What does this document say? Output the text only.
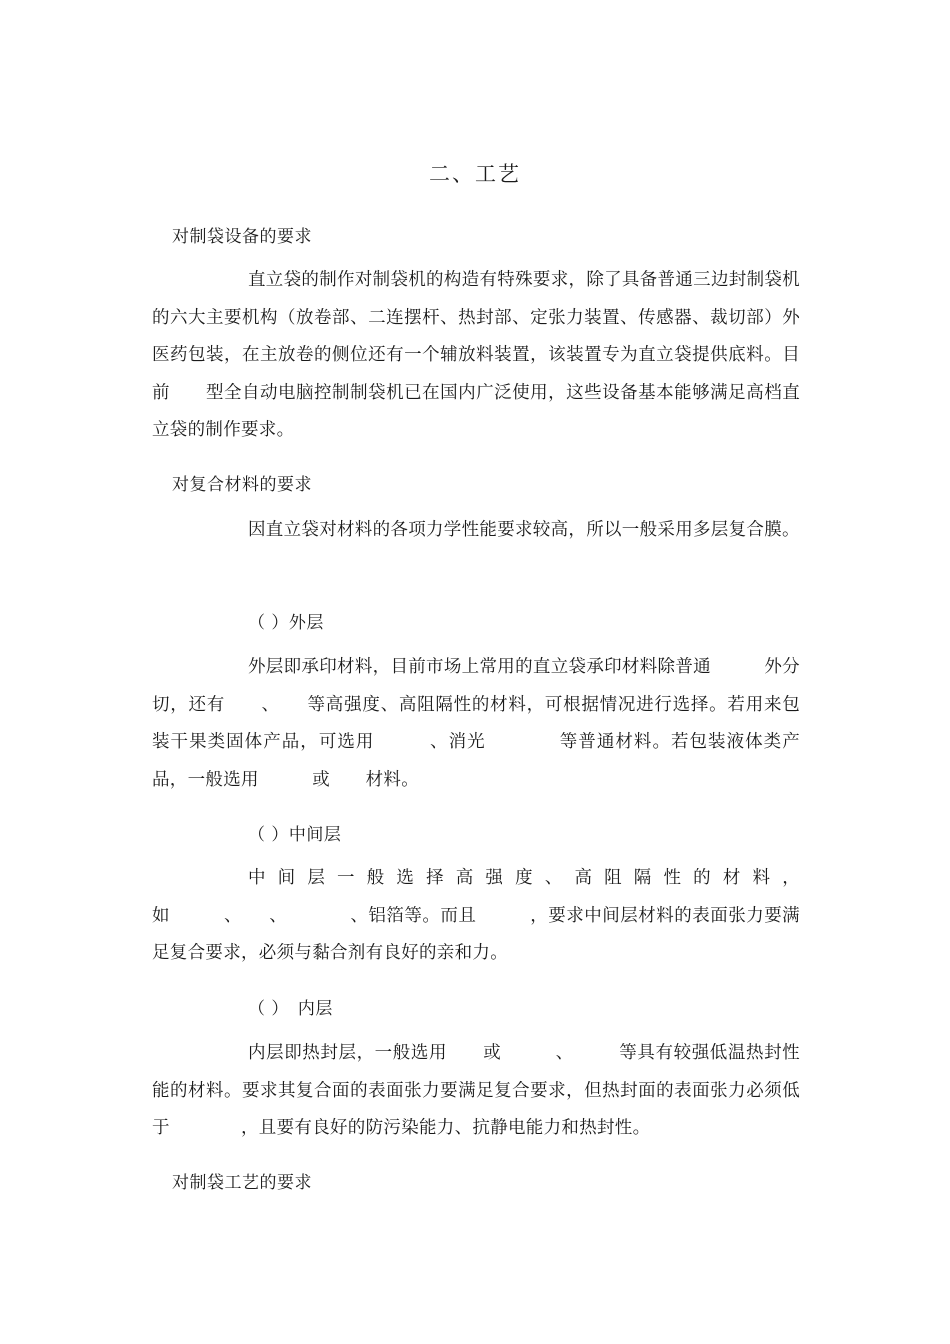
二、工艺
对制袋设备的要求
直立袋的制作对制袋机的构造有特殊要求，除了具备普通三边封制袋机的六大主要机构（放卷部、二连摆杆、热封部、定张力装置、传感器、裁切部）外医药包装，在主放卷的侧位还有一个辅放料装置，该装置专为直立袋提供底料。目前　　型全自动电脑控制制袋机已在国内广泛使用，这些设备基本能够满足高档直立袋的制作要求。
对复合材料的要求
因直立袋对材料的各项力学性能要求较高，所以一般采用多层复合膜。
（ ）外层
外层即承印材料，目前市场上常用的直立袋承印材料除普通　　　外分切，还有　　、　　等高强度、高阻隔性的材料，可根据情况进行选择。若用来包装干果类固体产品，可选用　　　、消光　　　　等普通材料。若包装液体类产品，一般选用　　　或　　材料。
（ ）中间层
中间层一般选择高强度、高阻隔性的材料，如　　　、　　、　　　　、铝箔等。而且　　　，要求中间层材料的表面张力要满足复合要求，必须与黏合剂有良好的亲和力。
（ ）　内层
内层即热封层，一般选用　　或　　　、　　　等具有较强低温热封性能的材料。要求其复合面的表面张力要满足复合要求，但热封面的表面张力必须低于　　　　，且要有良好的防污染能力、抗静电能力和热封性。
对制袋工艺的要求
